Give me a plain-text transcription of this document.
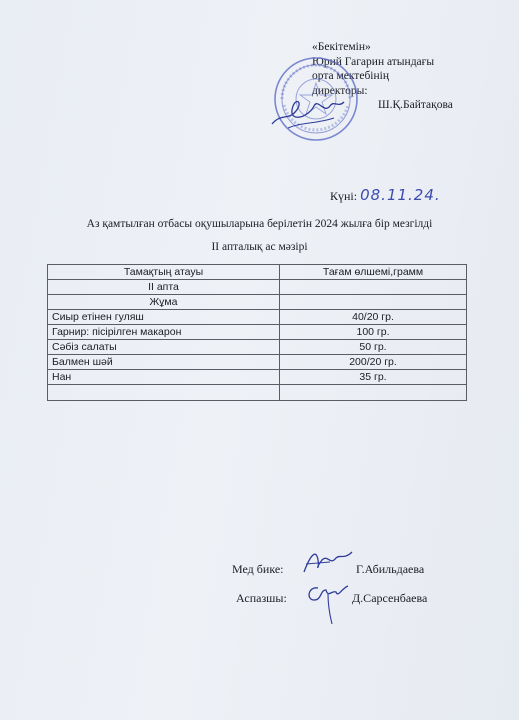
«Бекітемін»
Юрий Гагарин атындағы
орта мектебінің
директоры:
Ш.Қ.Байтақова
Күні: 08.11.24.
Аз қамтылған отбасы оқушыларына берілетін 2024 жылға бір мезгілді
II апталық ас мәзірі
Тамақтың атауы	Тағам өлшемі,грамм
II апта	
Жұма	
Сиыр етінен гуляш	40/20 гр.
Гарнир: пісірілген макарон	100 гр.
Сәбіз салаты	50 гр.
Балмен шәй	200/20 гр.
Нан	35 гр.

Мед бике:	Г.Абильдаева
Аспазшы:	Д.Сарсенбаева
